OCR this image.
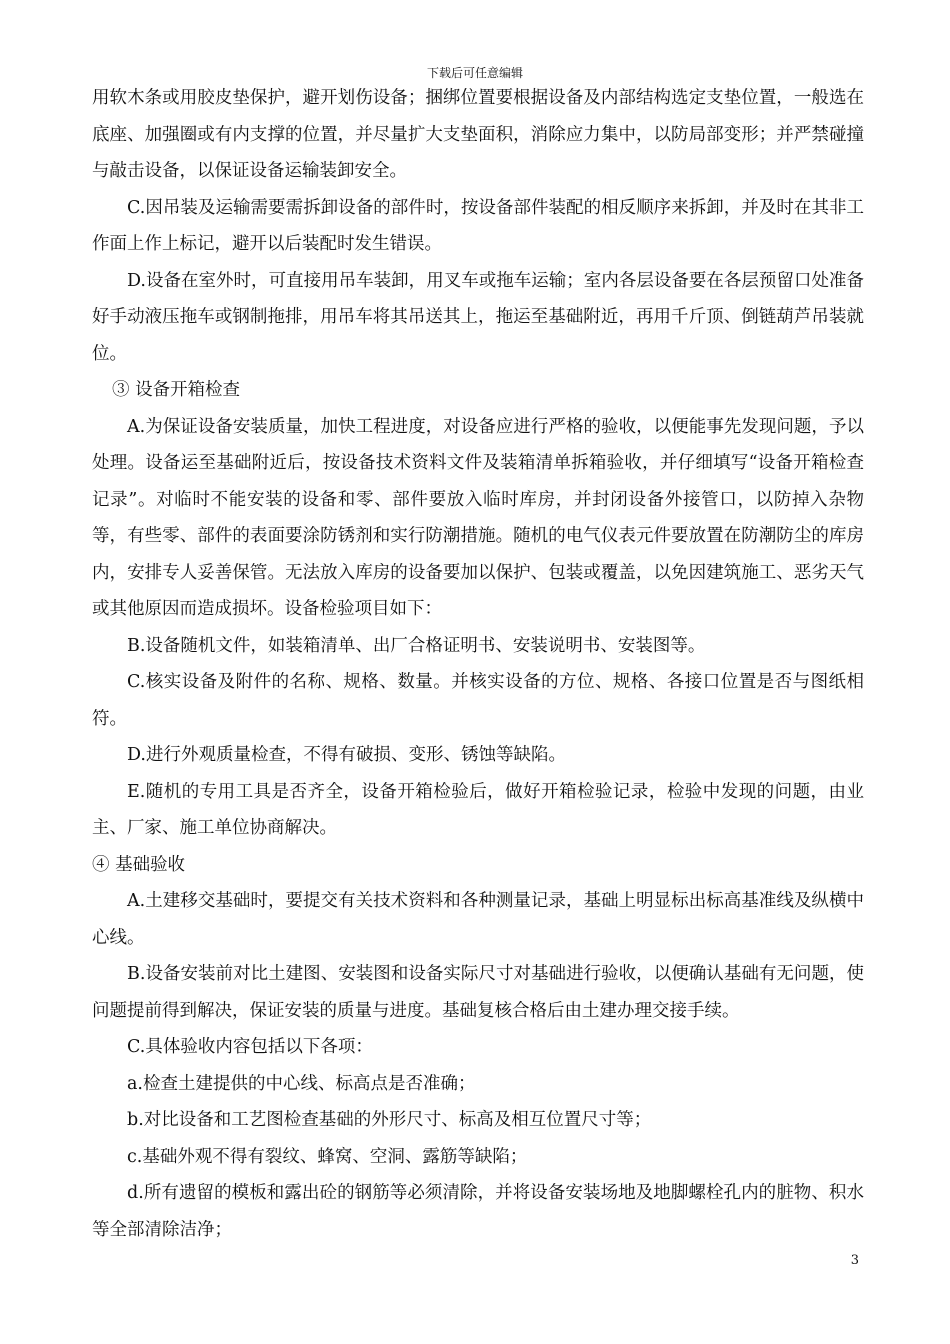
下载后可任意编辑

用软木条或用胶皮垫保护，避开划伤设备；捆绑位置要根据设备及内部结构选定支垫位置，一般选在底座、加强圈或有内支撑的位置，并尽量扩大支垫面积，消除应力集中，以防局部变形；并严禁碰撞与敲击设备，以保证设备运输装卸安全。

C.因吊装及运输需要需拆卸设备的部件时，按设备部件装配的相反顺序来拆卸，并及时在其非工作面上作上标记，避开以后装配时发生错误。

D.设备在室外时，可直接用吊车装卸，用叉车或拖车运输；室内各层设备要在各层预留口处准备好手动液压拖车或钢制拖排，用吊车将其吊送其上，拖运至基础附近，再用千斤顶、倒链葫芦吊装就位。

③ 设备开箱检查

A.为保证设备安装质量，加快工程进度，对设备应进行严格的验收，以便能事先发现问题，予以处理。设备运至基础附近后，按设备技术资料文件及装箱清单拆箱验收，并仔细填写“设备开箱检查记录”。对临时不能安装的设备和零、部件要放入临时库房，并封闭设备外接管口，以防掉入杂物等，有些零、部件的表面要涂防锈剂和实行防潮措施。随机的电气仪表元件要放置在防潮防尘的库房内，安排专人妥善保管。无法放入库房的设备要加以保护、包装或覆盖，以免因建筑施工、恶劣天气或其他原因而造成损坏。设备检验项目如下：

B.设备随机文件，如装箱清单、出厂合格证明书、安装说明书、安装图等。

C.核实设备及附件的名称、规格、数量。并核实设备的方位、规格、各接口位置是否与图纸相符。

D.进行外观质量检查，不得有破损、变形、锈蚀等缺陷。

E.随机的专用工具是否齐全，设备开箱检验后，做好开箱检验记录，检验中发现的问题，由业主、厂家、施工单位协商解决。

④ 基础验收

A.土建移交基础时，要提交有关技术资料和各种测量记录，基础上明显标出标高基准线及纵横中心线。

B.设备安装前对比土建图、安装图和设备实际尺寸对基础进行验收，以便确认基础有无问题，使问题提前得到解决，保证安装的质量与进度。基础复核合格后由土建办理交接手续。

C.具体验收内容包括以下各项：

a.检查土建提供的中心线、标高点是否准确；

b.对比设备和工艺图检查基础的外形尺寸、标高及相互位置尺寸等；

c.基础外观不得有裂纹、蜂窝、空洞、露筋等缺陷；

d.所有遗留的模板和露出砼的钢筋等必须清除，并将设备安装场地及地脚螺栓孔内的脏物、积水等全部清除洁净；

3
